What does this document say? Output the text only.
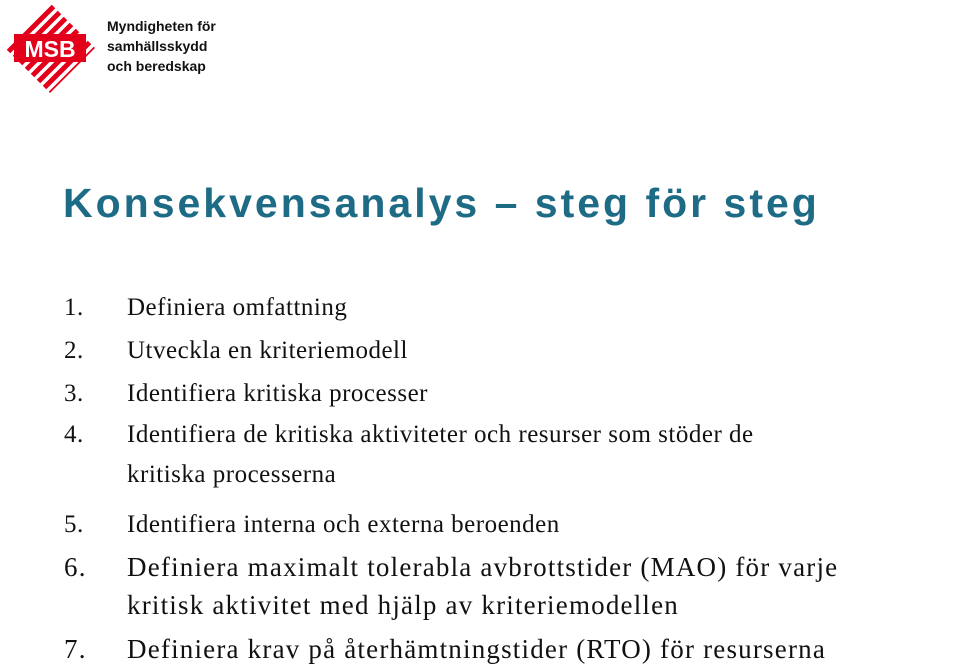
MSB
Myndigheten för
samhällsskydd
och beredskap
Konsekvensanalys – steg för steg
1. Definiera omfattning
2. Utveckla en kriteriemodell
3. Identifiera kritiska processer
4. Identifiera de kritiska aktiviteter och resurser som stöder de
kritiska processerna
5. Identifiera interna och externa beroenden
6. Definiera maximalt tolerabla avbrottstider (MAO) för varje
kritisk aktivitet med hjälp av kriteriemodellen
7. Definiera krav på återhämtningstider (RTO) för resurserna
